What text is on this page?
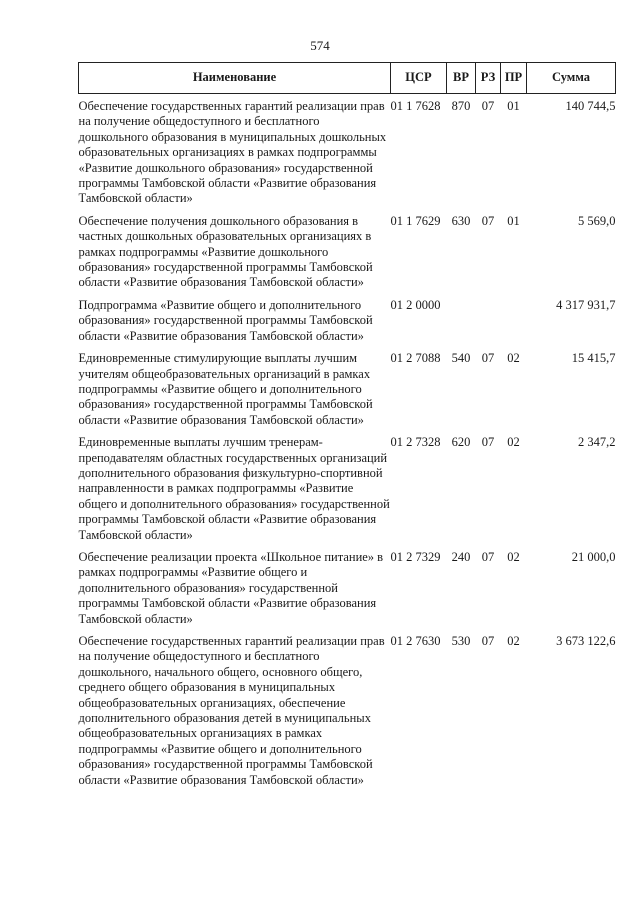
574
Наименование	ЦСР	ВР	РЗ	ПР	Сумма
Обеспечение государственных гарантий реализации прав на получение общедоступного и бесплатного дошкольного образования в муниципальных дошкольных образовательных организациях в рамках подпрограммы «Развитие дошкольного образования» государственной программы Тамбовской области «Развитие образования Тамбовской области»	01 1 7628	870	07	01	140 744,5
Обеспечение получения дошкольного образования в частных дошкольных образовательных организациях в рамках подпрограммы «Развитие дошкольного образования» государственной программы Тамбовской области «Развитие образования Тамбовской области»	01 1 7629	630	07	01	5 569,0
Подпрограмма «Развитие общего и дополнительного образования» государственной программы Тамбовской области «Развитие образования Тамбовской области»	01 2 0000				4 317 931,7
Единовременные стимулирующие выплаты лучшим учителям общеобразовательных организаций в рамках подпрограммы «Развитие общего и дополнительного образования» государственной программы Тамбовской области «Развитие образования Тамбовской области»	01 2 7088	540	07	02	15 415,7
Единовременные выплаты лучшим тренерам-преподавателям областных государственных организаций дополнительного образования физкультурно-спортивной направленности в рамках подпрограммы «Развитие общего и дополнительного образования» государственной программы Тамбовской области «Развитие образования Тамбовской области»	01 2 7328	620	07	02	2 347,2
Обеспечение реализации проекта «Школьное питание» в рамках подпрограммы «Развитие общего и дополнительного образования» государственной программы Тамбовской области «Развитие образования Тамбовской области»	01 2 7329	240	07	02	21 000,0
Обеспечение государственных гарантий реализации прав на получение общедоступного и бесплатного дошкольного, начального общего, основного общего, среднего общего образования в муниципальных общеобразовательных организациях, обеспечение дополнительного образования детей в муниципальных общеобразовательных организациях в рамках подпрограммы «Развитие общего и дополнительного образования» государственной программы Тамбовской области «Развитие образования Тамбовской области»	01 2 7630	530	07	02	3 673 122,6
